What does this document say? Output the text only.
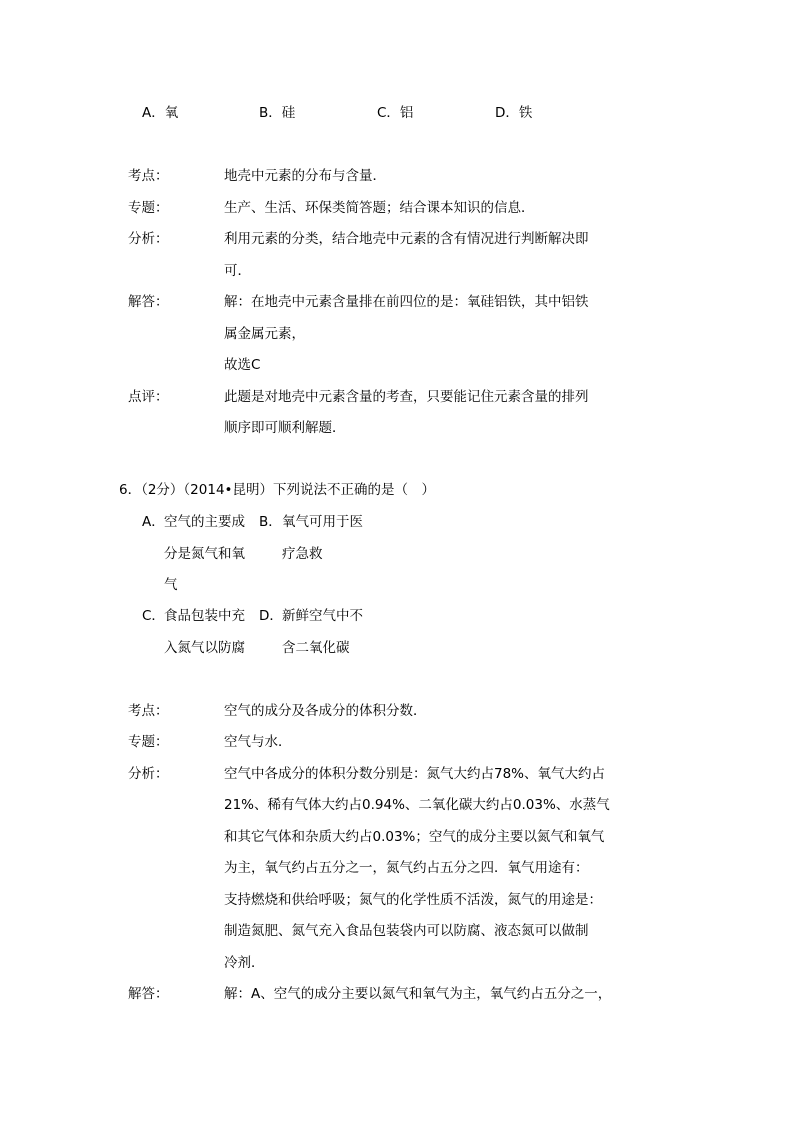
A．氧	B．硅	C．铝	D．铁
考点：	地壳中元素的分布与含量．
专题：	生产、生活、环保类简答题；结合课本知识的信息．
分析：	利用元素的分类，结合地壳中元素的含有情况进行判断解决即
可．
解答：	解：在地壳中元素含量排在前四位的是：氧硅铝铁，其中铝铁
属金属元素，
故选C
点评：	此题是对地壳中元素含量的考查，只要能记住元素含量的排列
顺序即可顺利解题．
6．（2分）（2014•昆明）下列说法不正确的是（　）
A． 空气的主要成
分是氮气和氧
气
B． 氧气可用于医
疗急救
C． 食品包装中充
入氮气以防腐
D． 新鲜空气中不
含二氧化碳
考点：	空气的成分及各成分的体积分数．
专题：	空气与水．
分析：	空气中各成分的体积分数分别是：氮气大约占78%、氧气大约占
21%、稀有气体大约占0.94%、二氧化碳大约占0.03%、水蒸气
和其它气体和杂质大约占0.03%；空气的成分主要以氮气和氧气
为主，氧气约占五分之一，氮气约占五分之四．氧气用途有：
支持燃烧和供给呼吸；氮气的化学性质不活泼，氮气的用途是：
制造氮肥、氮气充入食品包装袋内可以防腐、液态氮可以做制
冷剂．
解答：	解：A、空气的成分主要以氮气和氧气为主，氧气约占五分之一，
